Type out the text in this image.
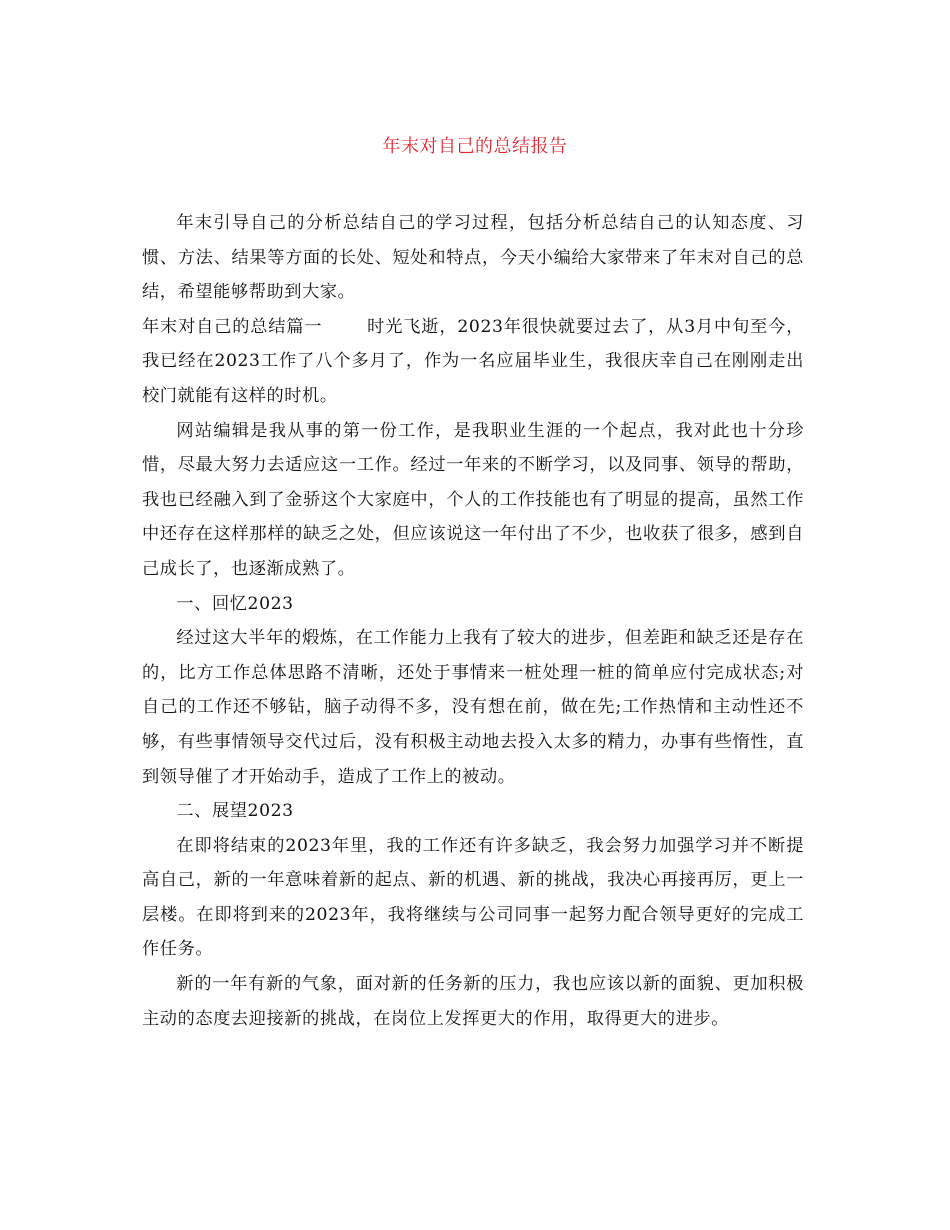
年末对自己的总结报告

年末引导自己的分析总结自己的学习过程，包括分析总结自己的认知态度、习惯、方法、结果等方面的长处、短处和特点，今天小编给大家带来了年末对自己的总结，希望能够帮助到大家。

年末对自己的总结篇一	时光飞逝，2023年很快就要过去了，从3月中旬至今，我已经在2023工作了八个多月了，作为一名应届毕业生，我很庆幸自己在刚刚走出校门就能有这样的时机。

网站编辑是我从事的第一份工作，是我职业生涯的一个起点，我对此也十分珍惜，尽最大努力去适应这一工作。经过一年来的不断学习，以及同事、领导的帮助，我也已经融入到了金骄这个大家庭中，个人的工作技能也有了明显的提高，虽然工作中还存在这样那样的缺乏之处，但应该说这一年付出了不少，也收获了很多，感到自己成长了，也逐渐成熟了。

一、回忆2023

经过这大半年的煅炼，在工作能力上我有了较大的进步，但差距和缺乏还是存在的，比方工作总体思路不清晰，还处于事情来一桩处理一桩的简单应付完成状态;对自己的工作还不够钻，脑子动得不多，没有想在前，做在先;工作热情和主动性还不够，有些事情领导交代过后，没有积极主动地去投入太多的精力，办事有些惰性，直到领导催了才开始动手，造成了工作上的被动。

二、展望2023

在即将结束的2023年里，我的工作还有许多缺乏，我会努力加强学习并不断提高自己，新的一年意味着新的起点、新的机遇、新的挑战，我决心再接再厉，更上一层楼。在即将到来的2023年，我将继续与公司同事一起努力配合领导更好的完成工作任务。

新的一年有新的气象，面对新的任务新的压力，我也应该以新的面貌、更加积极主动的态度去迎接新的挑战，在岗位上发挥更大的作用，取得更大的进步。
